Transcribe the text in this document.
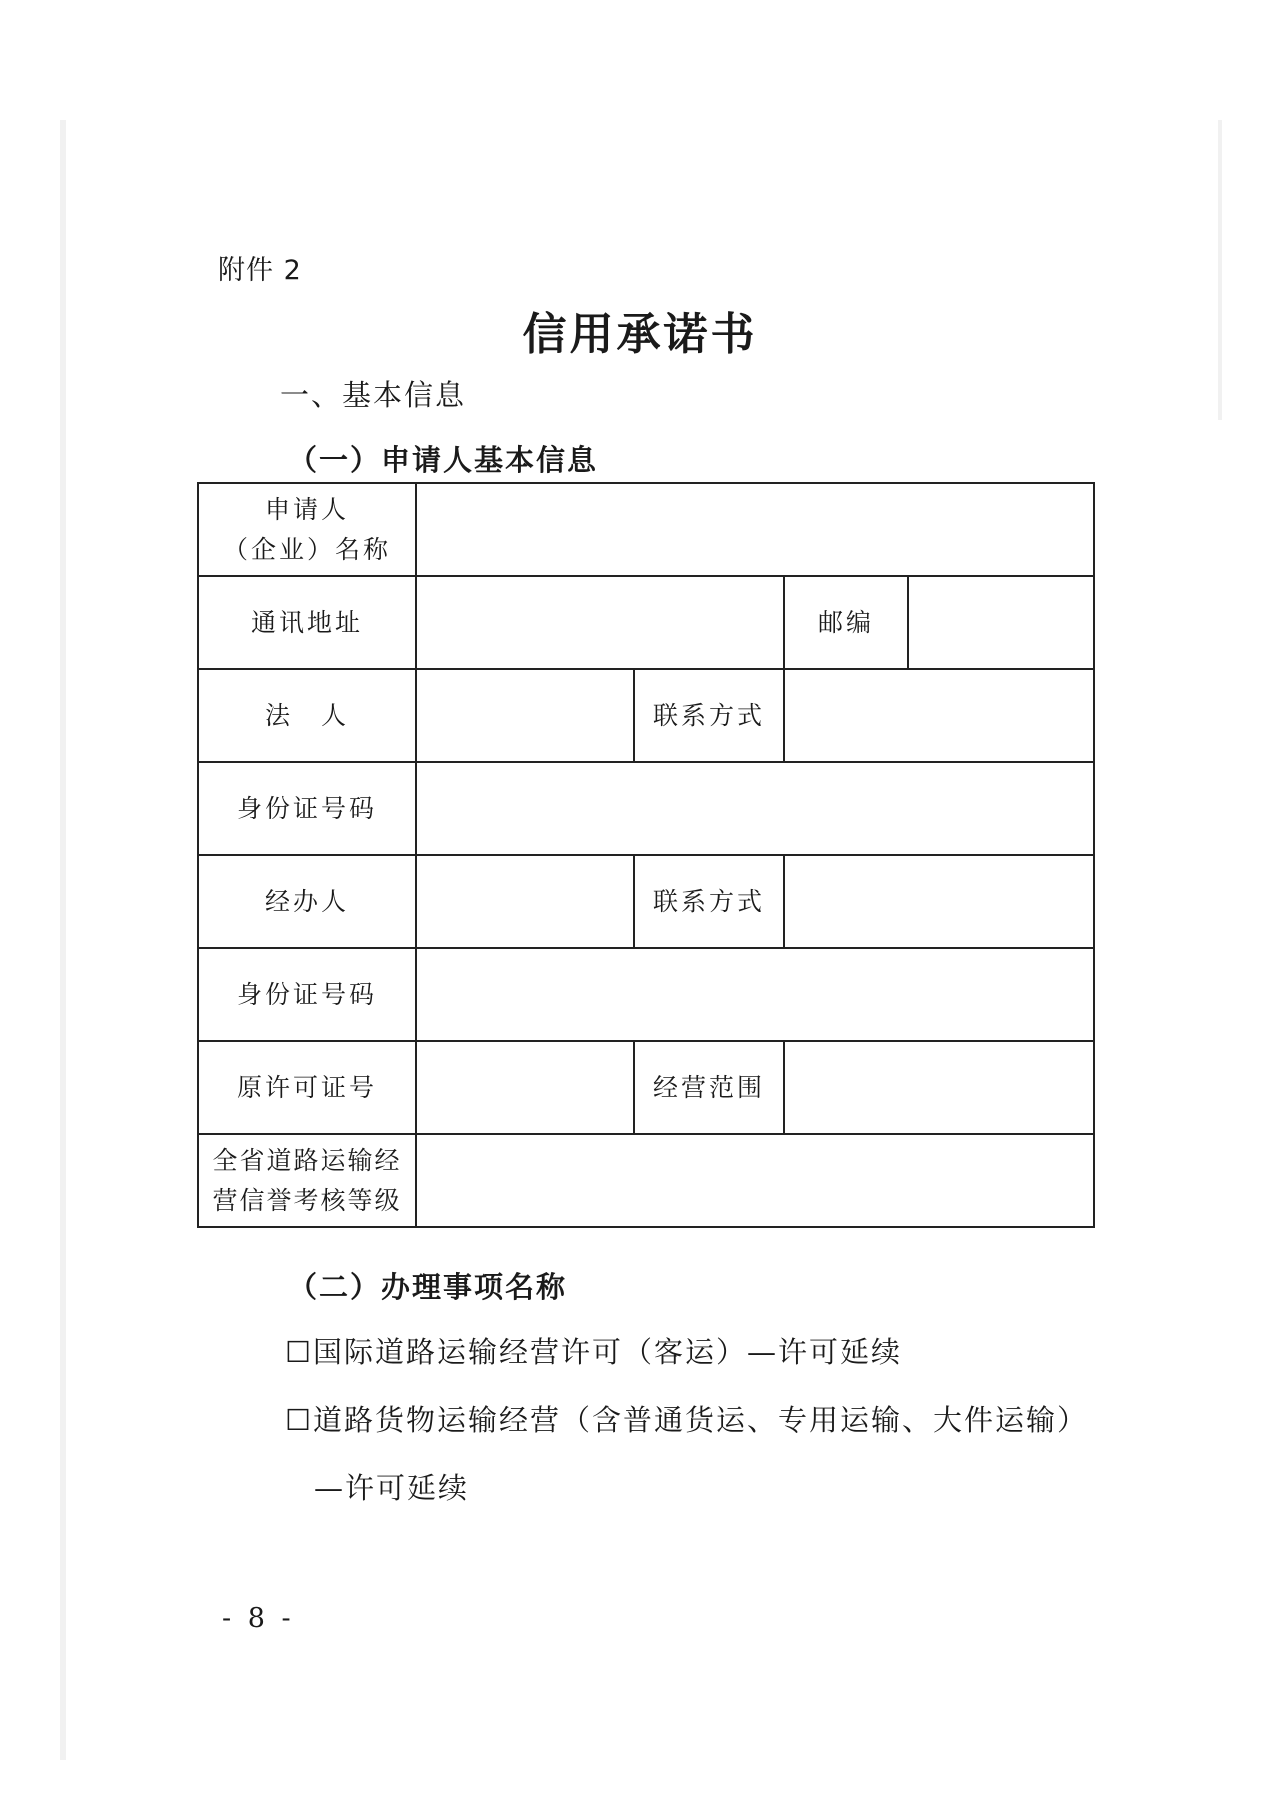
附件 2
信用承诺书
一、基本信息
（一）申请人基本信息
申请人
（企业）名称				

通讯地址			邮编	
法　人		联系方式		
身份证号码				
经办人		联系方式		
身份证号码				
原许可证号		经营范围		

全省道路运输经
营信誉考核等级				

（二）办理事项名称
☐国际道路运输经营许可（客运）—许可延续
☐道路货物运输经营（含普通货运、专用运输、大件运输）
—许可延续
- 8 -
